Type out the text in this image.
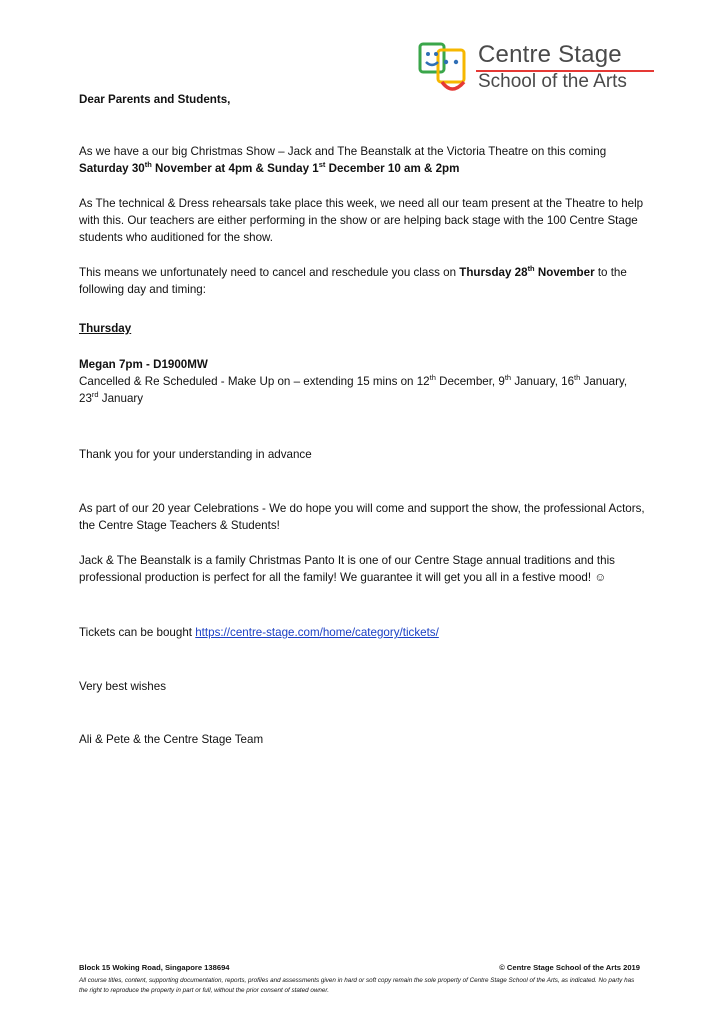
Centre Stage
School of the Arts

Dear Parents and Students,

As we have a our big Christmas Show – Jack and The Beanstalk at the Victoria Theatre on this coming Saturday 30th November at 4pm & Sunday 1st December 10 am & 2pm

As The technical & Dress rehearsals take place this week, we need all our team present at the Theatre to help with this. Our teachers are either performing in the show or are helping back stage with the 100 Centre Stage students who auditioned for the show.

This means we unfortunately need to cancel and reschedule you class on Thursday 28th November to the following day and timing:

Thursday

Megan 7pm - D1900MW

Cancelled & Re Scheduled - Make Up on – extending 15 mins on 12th December, 9th January, 16th January, 23rd January

Thank you for your understanding in advance

As part of our 20 year Celebrations - We do hope you will come and support the show, the professional Actors, the Centre Stage Teachers & Students!

Jack & The Beanstalk is a family Christmas Panto It is one of our Centre Stage annual traditions and this professional production is perfect for all the family! We guarantee it will get you all in a festive mood! ☺

Tickets can be bought https://centre-stage.com/home/category/tickets/

Very best wishes

Ali & Pete & the Centre Stage Team

Block 15 Woking Road, Singapore 138694	© Centre Stage School of the Arts 2019
All course titles, content, supporting documentation, reports, profiles and assessments given in hard or soft copy remain the sole property of Centre Stage School of the Arts, as indicated. No party has the right to reproduce the property in part or full, without the prior consent of stated owner.
